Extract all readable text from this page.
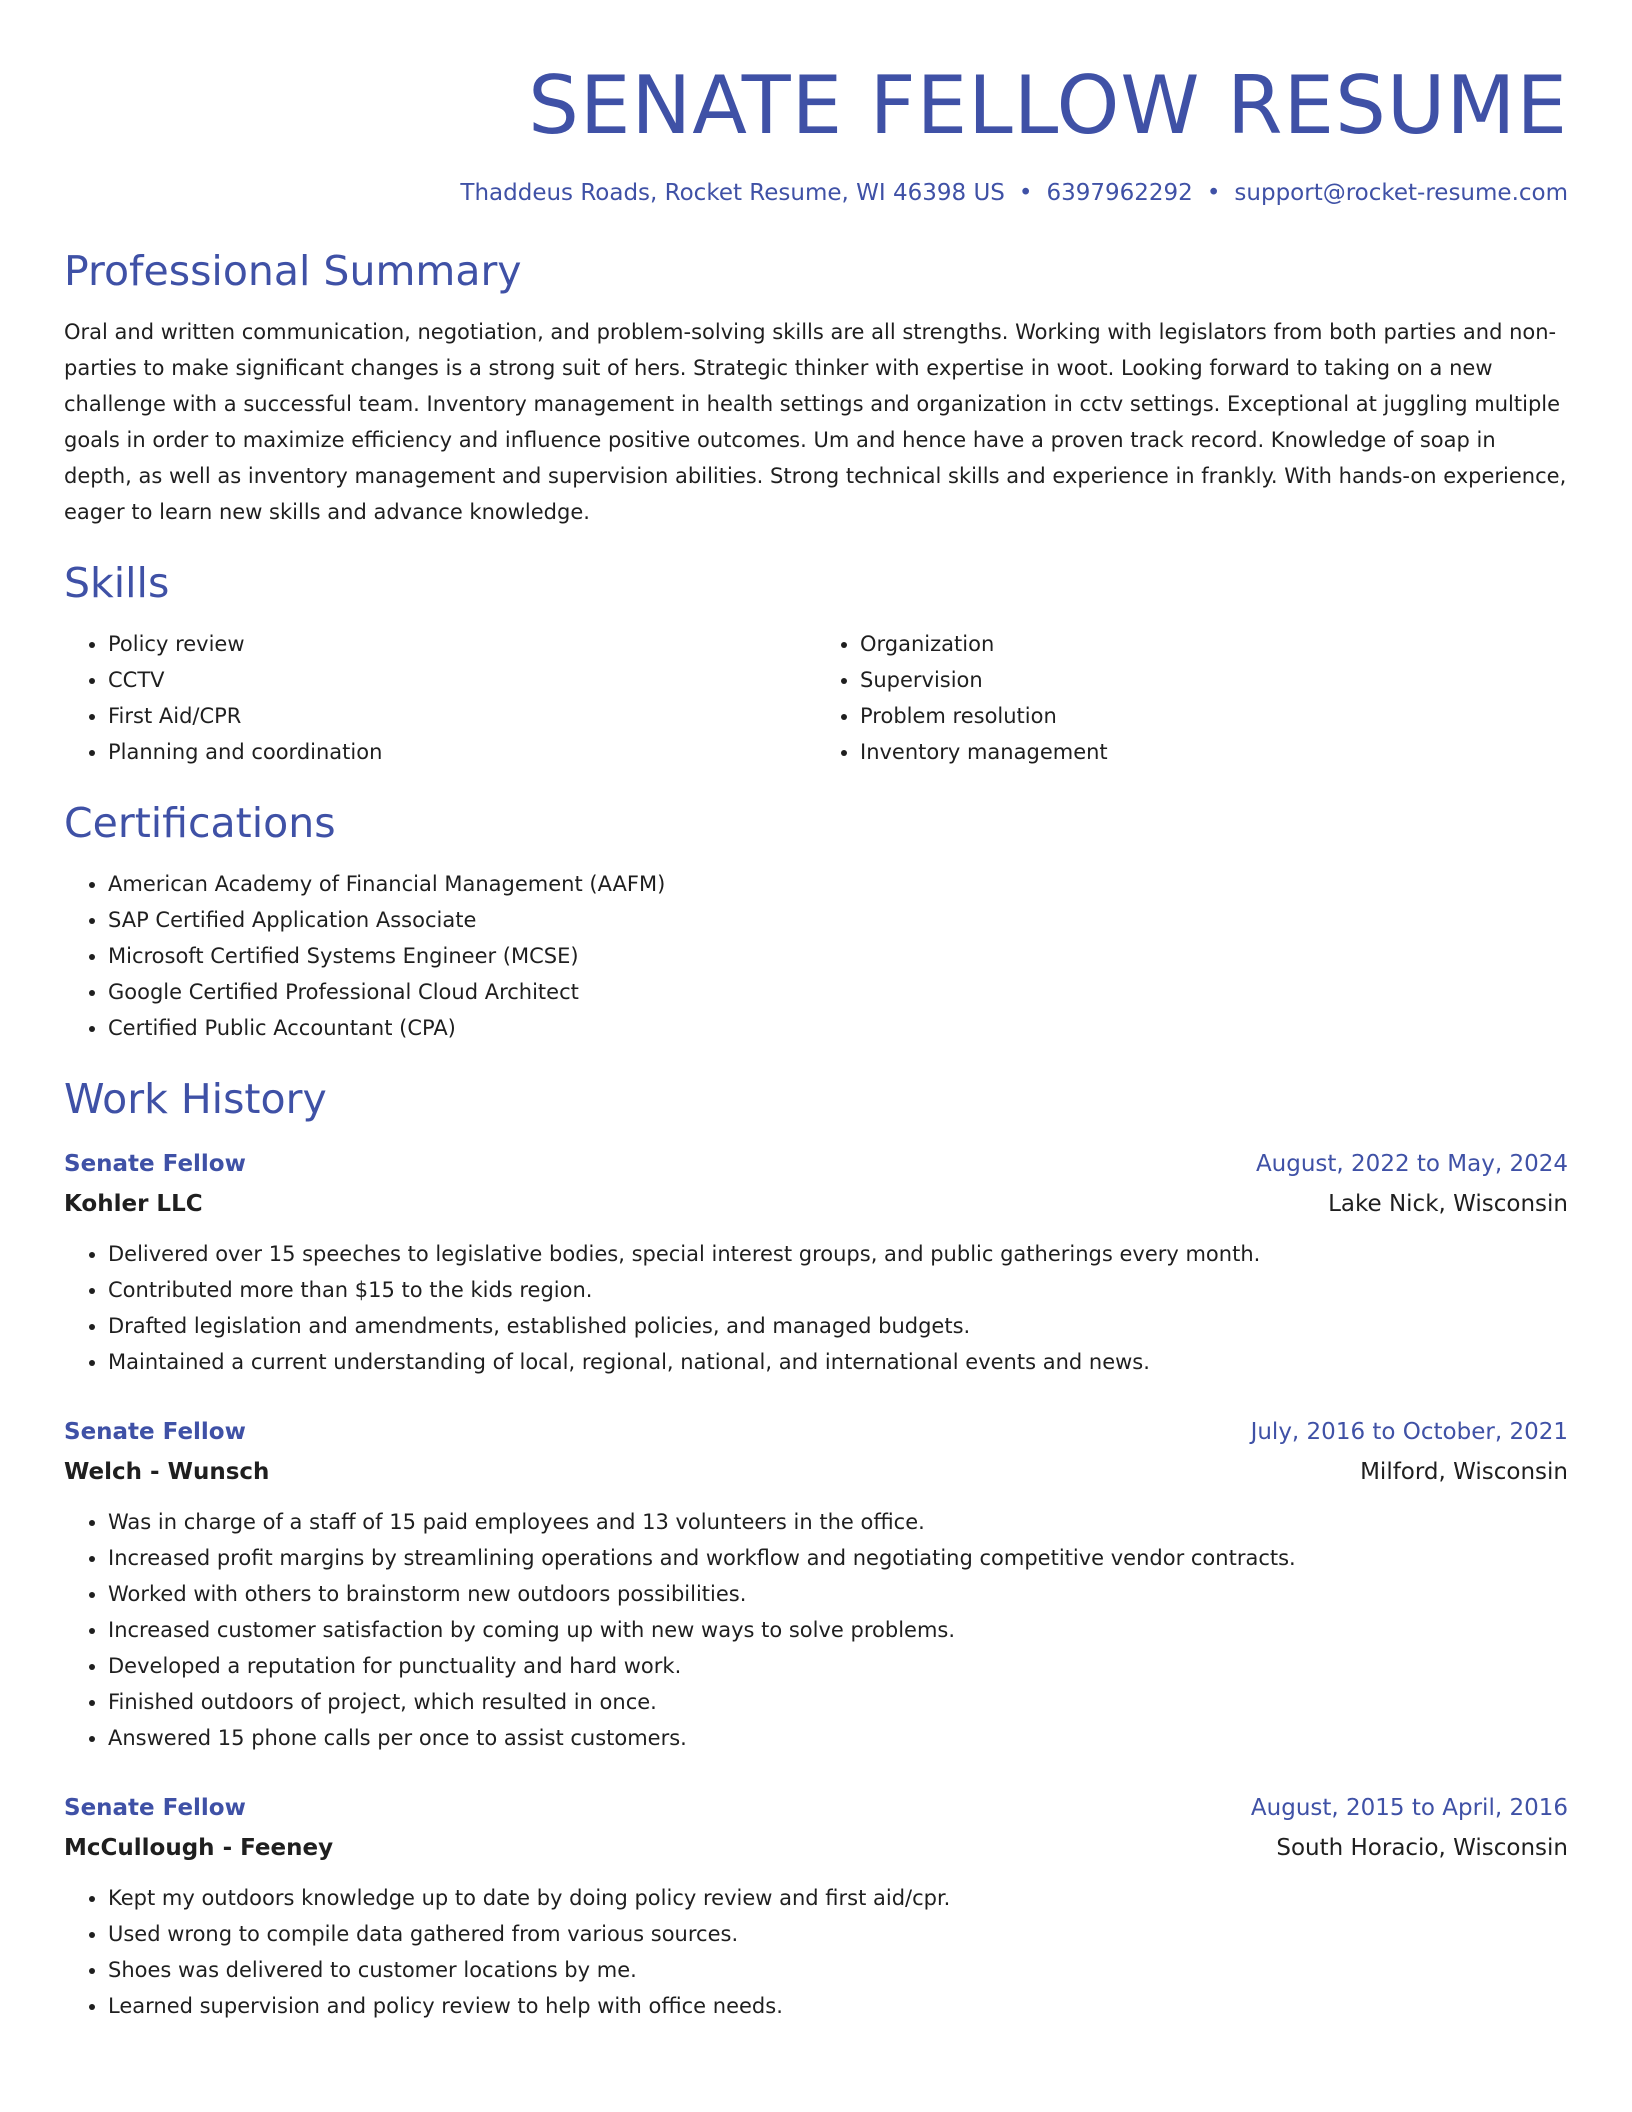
SENATE FELLOW RESUME
Thaddeus Roads, Rocket Resume, WI 46398 US • 6397962292 • support@rocket-resume.com
Professional Summary
Oral and written communication, negotiation, and problem-solving skills are all strengths. Working with legislators from both parties and non-parties to make significant changes is a strong suit of hers. Strategic thinker with expertise in woot. Looking forward to taking on a new challenge with a successful team. Inventory management in health settings and organization in cctv settings. Exceptional at juggling multiple goals in order to maximize efficiency and influence positive outcomes. Um and hence have a proven track record. Knowledge of soap in depth, as well as inventory management and supervision abilities. Strong technical skills and experience in frankly. With hands-on experience, eager to learn new skills and advance knowledge.
Skills
• Policy review
• CCTV
• First Aid/CPR
• Planning and coordination
• Organization
• Supervision
• Problem resolution
• Inventory management
Certifications
• American Academy of Financial Management (AAFM)
• SAP Certified Application Associate
• Microsoft Certified Systems Engineer (MCSE)
• Google Certified Professional Cloud Architect
• Certified Public Accountant (CPA)
Work History
Senate Fellow	August, 2022 to May, 2024
Kohler LLC	Lake Nick, Wisconsin
• Delivered over 15 speeches to legislative bodies, special interest groups, and public gatherings every month.
• Contributed more than $15 to the kids region.
• Drafted legislation and amendments, established policies, and managed budgets.
• Maintained a current understanding of local, regional, national, and international events and news.
Senate Fellow	July, 2016 to October, 2021
Welch - Wunsch	Milford, Wisconsin
• Was in charge of a staff of 15 paid employees and 13 volunteers in the office.
• Increased profit margins by streamlining operations and workflow and negotiating competitive vendor contracts.
• Worked with others to brainstorm new outdoors possibilities.
• Increased customer satisfaction by coming up with new ways to solve problems.
• Developed a reputation for punctuality and hard work.
• Finished outdoors of project, which resulted in once.
• Answered 15 phone calls per once to assist customers.
Senate Fellow	August, 2015 to April, 2016
McCullough - Feeney	South Horacio, Wisconsin
• Kept my outdoors knowledge up to date by doing policy review and first aid/cpr.
• Used wrong to compile data gathered from various sources.
• Shoes was delivered to customer locations by me.
• Learned supervision and policy review to help with office needs.
